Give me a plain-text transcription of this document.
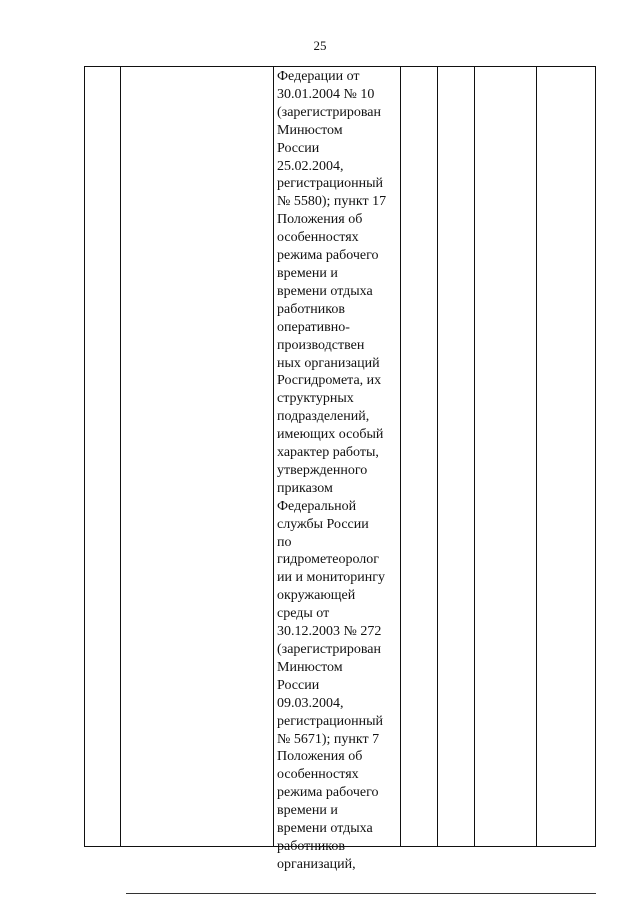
25
Федерации от
30.01.2004 № 10
(зарегистрирован
Минюстом
России
25.02.2004,
регистрационный
№ 5580); пункт 17
Положения об
особенностях
режима рабочего
времени и
времени отдыха
работников
оперативно-
производствен
ных организаций
Росгидромета, их
структурных
подразделений,
имеющих особый
характер работы,
утвержденного
приказом
Федеральной
службы России
по
гидрометеоролог
ии и мониторингу
окружающей
среды от
30.12.2003 № 272
(зарегистрирован
Минюстом
России
09.03.2004,
регистрационный
№ 5671); пункт 7
Положения об
особенностях
режима рабочего
времени и
времени отдыха
работников
организаций,
